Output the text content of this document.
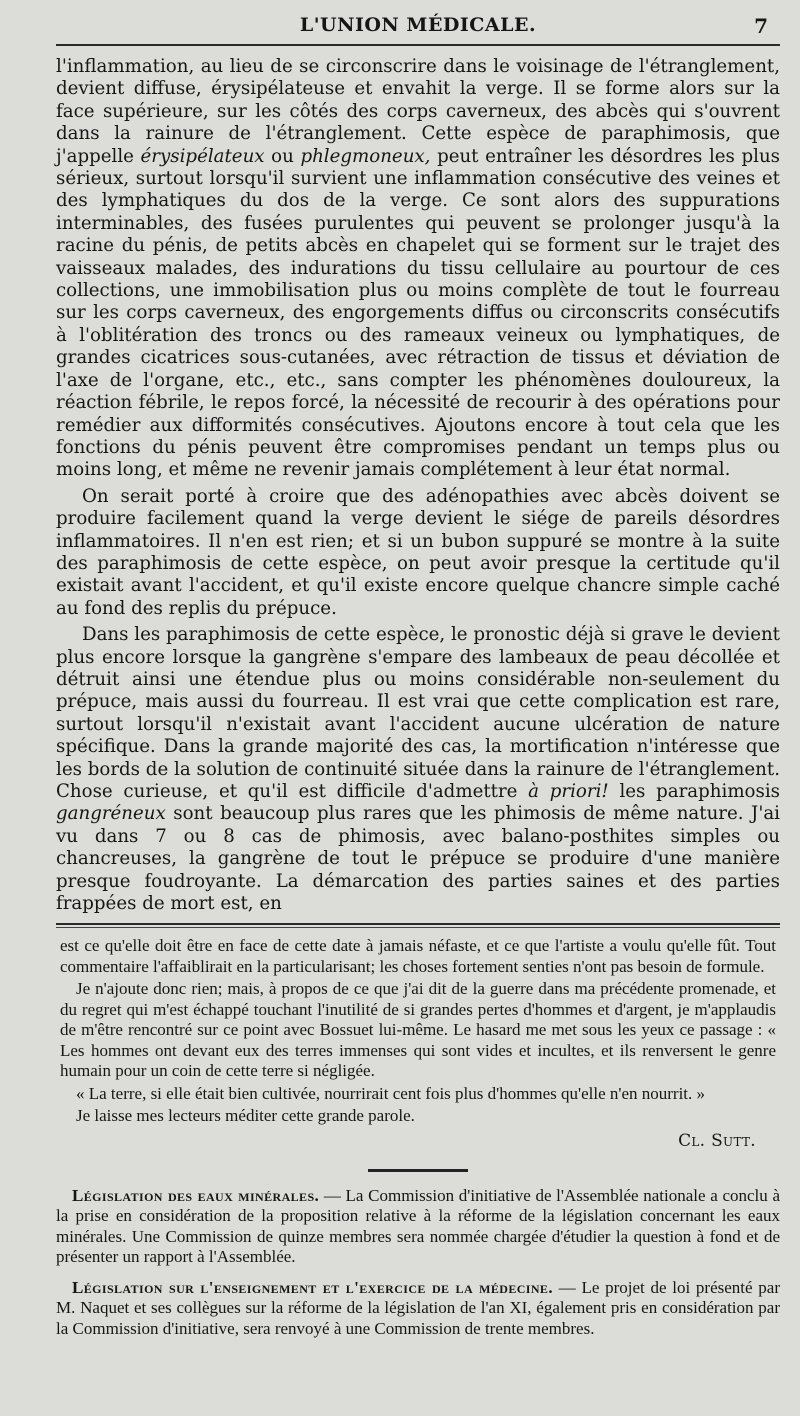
L'UNION MÉDICALE.	7

l'inflammation, au lieu de se circonscrire dans le voisinage de l'étranglement, devient diffuse, érysipélateuse et envahit la verge. Il se forme alors sur la face supérieure, sur les côtés des corps caverneux, des abcès qui s'ouvrent dans la rainure de l'étranglement. Cette espèce de paraphimosis, que j'appelle érysipélateux ou phlegmoneux, peut entraîner les désordres les plus sérieux, surtout lorsqu'il survient une inflammation consécutive des veines et des lymphatiques du dos de la verge. Ce sont alors des suppurations interminables, des fusées purulentes qui peuvent se prolonger jusqu'à la racine du pénis, de petits abcès en chapelet qui se forment sur le trajet des vaisseaux malades, des indurations du tissu cellulaire au pourtour de ces collections, une immobilisation plus ou moins complète de tout le fourreau sur les corps caverneux, des engorgements diffus ou circonscrits consécutifs à l'oblitération des troncs ou des rameaux veineux ou lymphatiques, de grandes cicatrices sous-cutanées, avec rétraction de tissus et déviation de l'axe de l'organe, etc., etc., sans compter les phénomènes douloureux, la réaction fébrile, le repos forcé, la nécessité de recourir à des opérations pour remédier aux difformités consécutives. Ajoutons encore à tout cela que les fonctions du pénis peuvent être compromises pendant un temps plus ou moins long, et même ne revenir jamais complétement à leur état normal.

On serait porté à croire que des adénopathies avec abcès doivent se produire facilement quand la verge devient le siége de pareils désordres inflammatoires. Il n'en est rien; et si un bubon suppuré se montre à la suite des paraphimosis de cette espèce, on peut avoir presque la certitude qu'il existait avant l'accident, et qu'il existe encore quelque chancre simple caché au fond des replis du prépuce.

Dans les paraphimosis de cette espèce, le pronostic déjà si grave le devient plus encore lorsque la gangrène s'empare des lambeaux de peau décollée et détruit ainsi une étendue plus ou moins considérable non-seulement du prépuce, mais aussi du fourreau. Il est vrai que cette complication est rare, surtout lorsqu'il n'existait avant l'accident aucune ulcération de nature spécifique. Dans la grande majorité des cas, la mortification n'intéresse que les bords de la solution de continuité située dans la rainure de l'étranglement. Chose curieuse, et qu'il est difficile d'admettre à priori! les paraphimosis gangréneux sont beaucoup plus rares que les phimosis de même nature. J'ai vu dans 7 ou 8 cas de phimosis, avec balano-posthites simples ou chancreuses, la gangrène de tout le prépuce se produire d'une manière presque foudroyante. La démarcation des parties saines et des parties frappées de mort est, en

est ce qu'elle doit être en face de cette date à jamais néfaste, et ce que l'artiste a voulu qu'elle fût. Tout commentaire l'affaiblirait en la particularisant; les choses fortement senties n'ont pas besoin de formule.

Je n'ajoute donc rien; mais, à propos de ce que j'ai dit de la guerre dans ma précédente promenade, et du regret qui m'est échappé touchant l'inutilité de si grandes pertes d'hommes et d'argent, je m'applaudis de m'être rencontré sur ce point avec Bossuet lui-même. Le hasard me met sous les yeux ce passage : « Les hommes ont devant eux des terres immenses qui sont vides et incultes, et ils renversent le genre humain pour un coin de cette terre si négligée.

« La terre, si elle était bien cultivée, nourrirait cent fois plus d'hommes qu'elle n'en nourrit. »

Je laisse mes lecteurs méditer cette grande parole.

Cl. Sutt.

Législation des eaux minérales. — La Commission d'initiative de l'Assemblée nationale a conclu à la prise en considération de la proposition relative à la réforme de la législation concernant les eaux minérales. Une Commission de quinze membres sera nommée chargée d'étudier la question à fond et de présenter un rapport à l'Assemblée.

Législation sur l'enseignement et l'exercice de la médecine. — Le projet de loi présenté par M. Naquet et ses collègues sur la réforme de la législation de l'an XI, également pris en considération par la Commission d'initiative, sera renvoyé à une Commission de trente membres.
